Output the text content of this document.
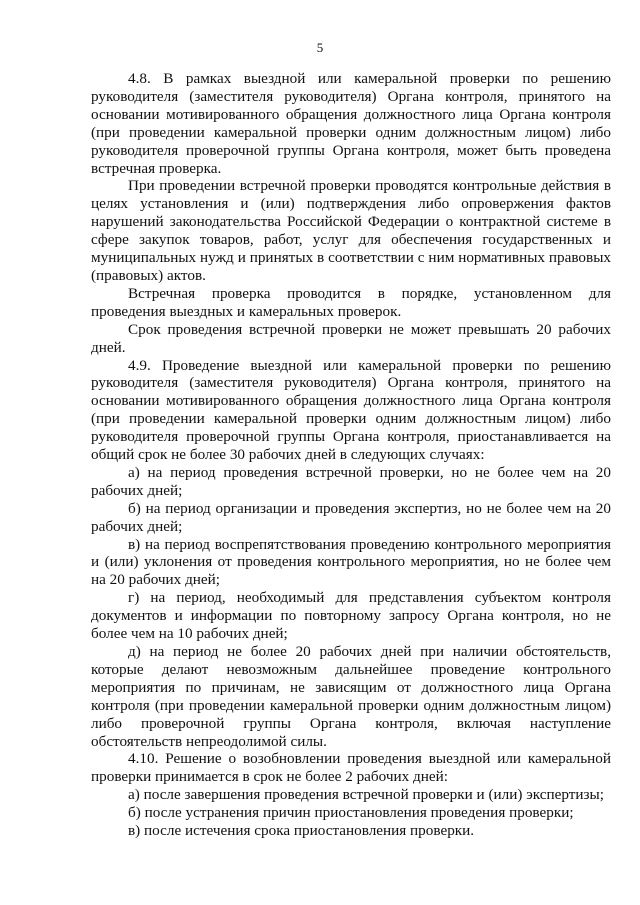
5

4.8. В рамках выездной или камеральной проверки по решению руководителя (заместителя руководителя) Органа контроля, принятого на основании мотивированного обращения должностного лица Органа контроля (при проведении камеральной проверки одним должностным лицом) либо руководителя проверочной группы Органа контроля, может быть проведена встречная проверка.

При проведении встречной проверки проводятся контрольные действия в целях установления и (или) подтверждения либо опровержения фактов нарушений законодательства Российской Федерации о контрактной системе в сфере закупок товаров, работ, услуг для обеспечения государственных и муниципальных нужд и принятых в соответствии с ним нормативных правовых (правовых) актов.

Встречная проверка проводится в порядке, установленном для проведения выездных и камеральных проверок.

Срок проведения встречной проверки не может превышать 20 рабочих дней.

4.9. Проведение выездной или камеральной проверки по решению руководителя (заместителя руководителя) Органа контроля, принятого на основании мотивированного обращения должностного лица Органа контроля (при проведении камеральной проверки одним должностным лицом) либо руководителя проверочной группы Органа контроля, приостанавливается на общий срок не более 30 рабочих дней в следующих случаях:

а) на период проведения встречной проверки, но не более чем на 20 рабочих дней;

б) на период организации и проведения экспертиз, но не более чем на 20 рабочих дней;

в) на период воспрепятствования проведению контрольного мероприятия и (или) уклонения от проведения контрольного мероприятия, но не более чем на 20 рабочих дней;

г) на период, необходимый для представления субъектом контроля документов и информации по повторному запросу Органа контроля, но не более чем на 10 рабочих дней;

д) на период не более 20 рабочих дней при наличии обстоятельств, которые делают невозможным дальнейшее проведение контрольного мероприятия по причинам, не зависящим от должностного лица Органа контроля (при проведении камеральной проверки одним должностным лицом) либо проверочной группы Органа контроля, включая наступление обстоятельств непреодолимой силы.

4.10. Решение о возобновлении проведения выездной или камеральной проверки принимается в срок не более 2 рабочих дней:

а) после завершения проведения встречной проверки и (или) экспертизы;

б) после устранения причин приостановления проведения проверки;

в) после истечения срока приостановления проверки.
